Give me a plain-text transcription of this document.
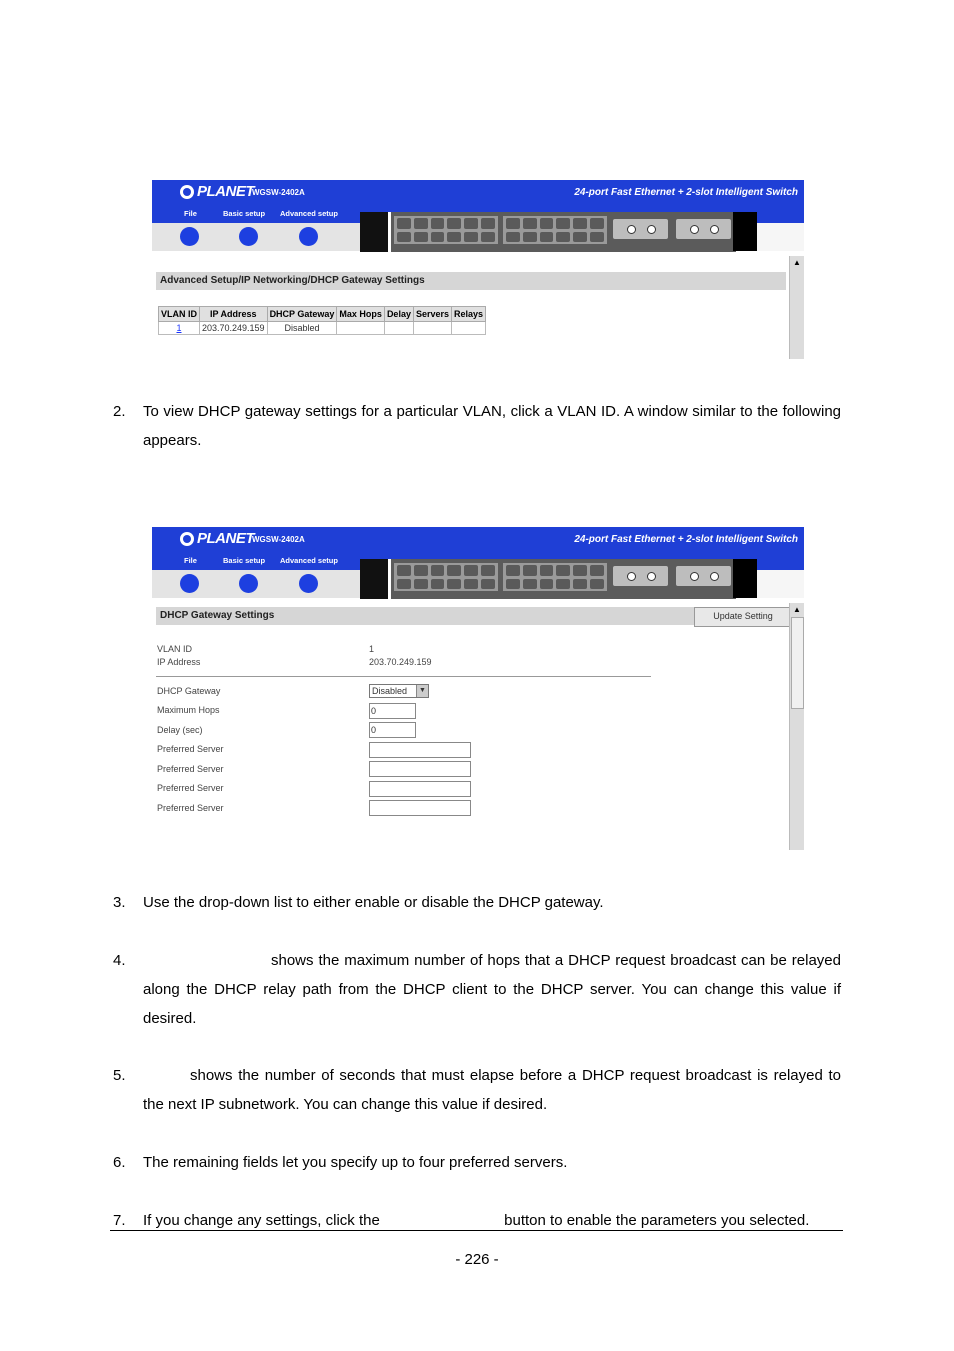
PLANET
WGSW-2402A	24-port Fast Ethernet + 2-slot Intelligent Switch
File	Basic setup Advanced setup
Advanced Setup/IP Networking/DHCP Gateway Settings
▲
VLAN ID	IP Address	DHCP Gateway	Max Hops	Delay	Servers	Relays
1	203.70.249.159	Disabled				
2. To view DHCP gateway settings for a particular VLAN, click a VLAN ID. A window similar to the following appears.
PLANET
WGSW-2402A	24-port Fast Ethernet + 2-slot Intelligent Switch
File	Basic setup Advanced setup
DHCP Gateway Settings	Update Setting
▲
VLAN ID	1
IP Address	203.70.249.159
DHCP Gateway	Disabled	▼
Maximum Hops	0
Delay (sec)	0
Preferred Server
Preferred Server
Preferred Server
Preferred Server
3. Use the drop-down list to either enable or disable the DHCP gateway.
4.	shows the maximum number of hops that a DHCP request broadcast can be relayed along the DHCP relay path from the DHCP client to the DHCP server. You can change this value if desired.
5.	shows the number of seconds that must elapse before a DHCP request broadcast is relayed to the next IP subnetwork. You can change this value if desired.
6. The remaining fields let you specify up to four preferred servers.
7. If you change any settings, click the	button to enable the parameters you selected.
- 226 -
